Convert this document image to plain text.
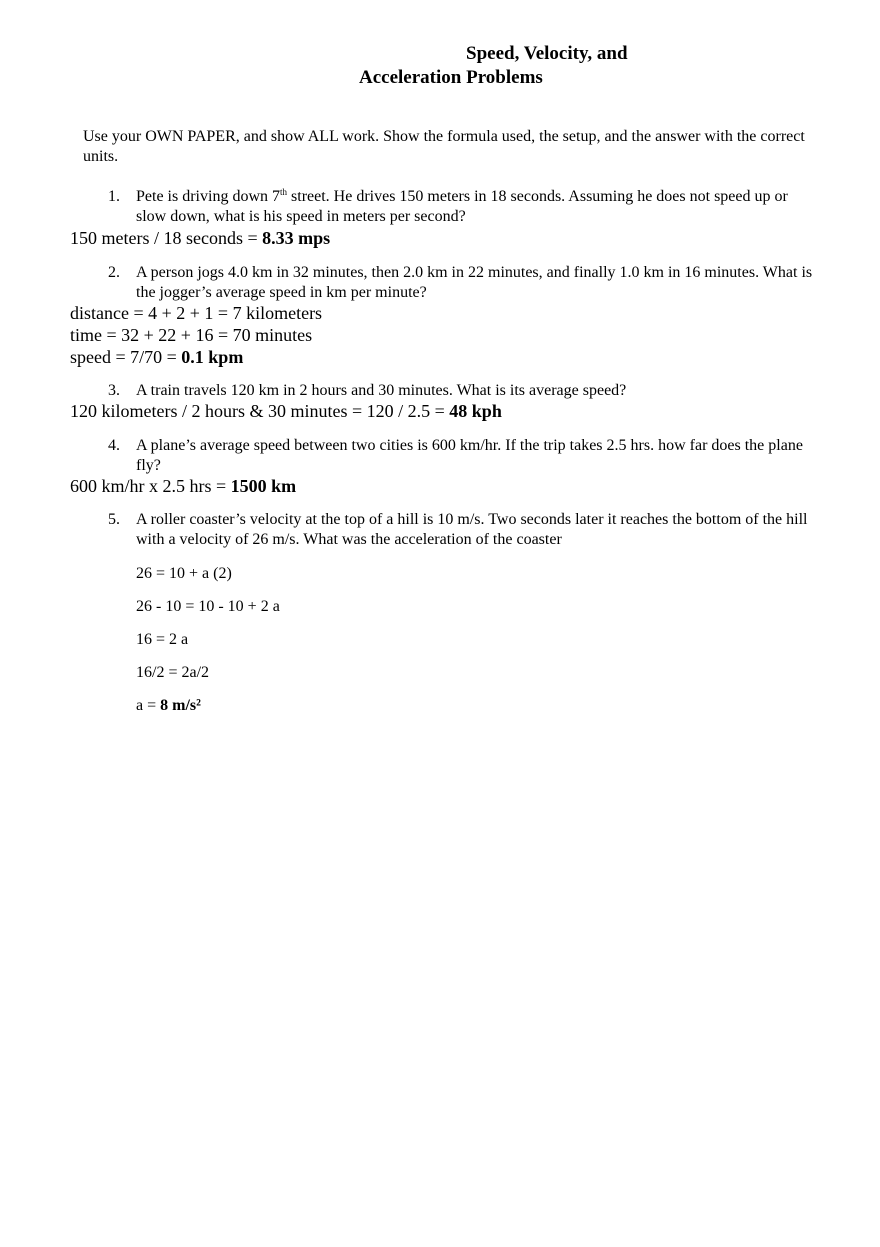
Speed, Velocity, and
Acceleration Problems
Use your OWN PAPER, and show ALL work. Show the formula used, the setup, and the answer with the correct units.
1. Pete is driving down 7th street. He drives 150 meters in 18 seconds. Assuming he does not speed up or slow down, what is his speed in meters per second?
150 meters / 18 seconds = 8.33 mps
2. A person jogs 4.0 km in 32 minutes, then 2.0 km in 22 minutes, and finally 1.0 km in 16 minutes. What is the jogger’s average speed in km per minute?
distance = 4 + 2 + 1 = 7 kilometers
time = 32 + 22 + 16 = 70 minutes
speed = 7/70 = 0.1 kpm
3. A train travels 120 km in 2 hours and 30 minutes. What is its average speed?
120 kilometers / 2 hours & 30 minutes = 120 / 2.5 = 48 kph
4. A plane’s average speed between two cities is 600 km/hr. If the trip takes 2.5 hrs. how far does the plane fly?
600 km/hr x 2.5 hrs = 1500 km
5. A roller coaster’s velocity at the top of a hill is 10 m/s. Two seconds later it reaches the bottom of the hill with a velocity of 26 m/s. What was the acceleration of the coaster
26 = 10 + a (2)
26 - 10 = 10 - 10 + 2 a
16 = 2 a
16/2 = 2a/2
a = 8 m/s²
